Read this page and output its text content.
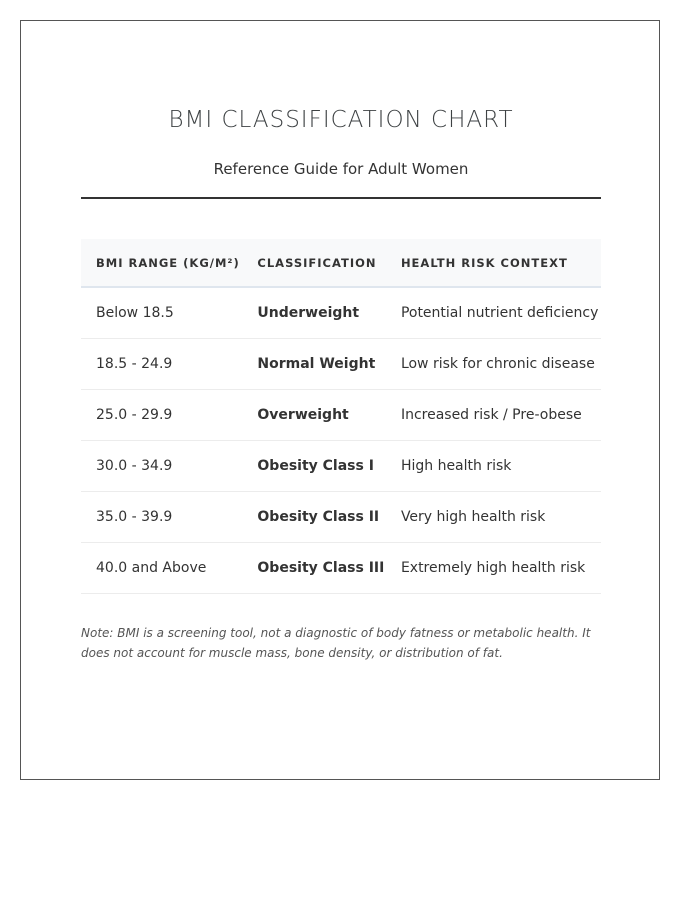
BMI CLASSIFICATION CHART

Reference Guide for Adult Women

BMI RANGE (KG/M²)	CLASSIFICATION	HEALTH RISK CONTEXT
Below 18.5	Underweight	Potential nutrient deficiency
18.5 - 24.9	Normal Weight	Low risk for chronic disease
25.0 - 29.9	Overweight	Increased risk / Pre-obese
30.0 - 34.9	Obesity Class I	High health risk
35.0 - 39.9	Obesity Class II	Very high health risk
40.0 and Above	Obesity Class III	Extremely high health risk

Note: BMI is a screening tool, not a diagnostic of body fatness or metabolic health. It does not account for muscle mass, bone density, or distribution of fat.
